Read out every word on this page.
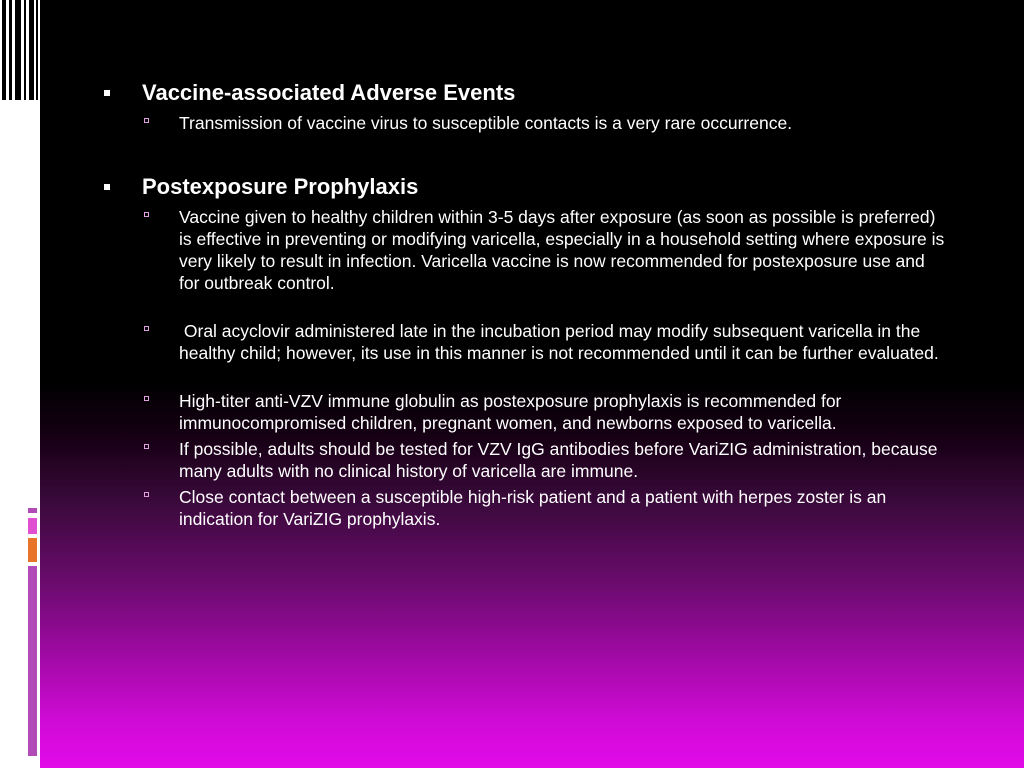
Vaccine-associated Adverse Events

Transmission of vaccine virus to susceptible contacts is a very rare occurrence.

Postexposure Prophylaxis

Vaccine given to healthy children within 3-5 days after exposure (as soon as possible is preferred) is effective in preventing or modifying varicella, especially in a household setting where exposure is very likely to result in infection. Varicella vaccine is now recommended for postexposure use and for outbreak control.

Oral acyclovir administered late in the incubation period may modify subsequent varicella in the healthy child; however, its use in this manner is not recommended until it can be further evaluated.

High-titer anti-VZV immune globulin as postexposure prophylaxis is recommended for immunocompromised children, pregnant women, and newborns exposed to varicella.

If possible, adults should be tested for VZV IgG antibodies before VariZIG administration, because many adults with no clinical history of varicella are immune.

Close contact between a susceptible high-risk patient and a patient with herpes zoster is an indication for VariZIG prophylaxis.
